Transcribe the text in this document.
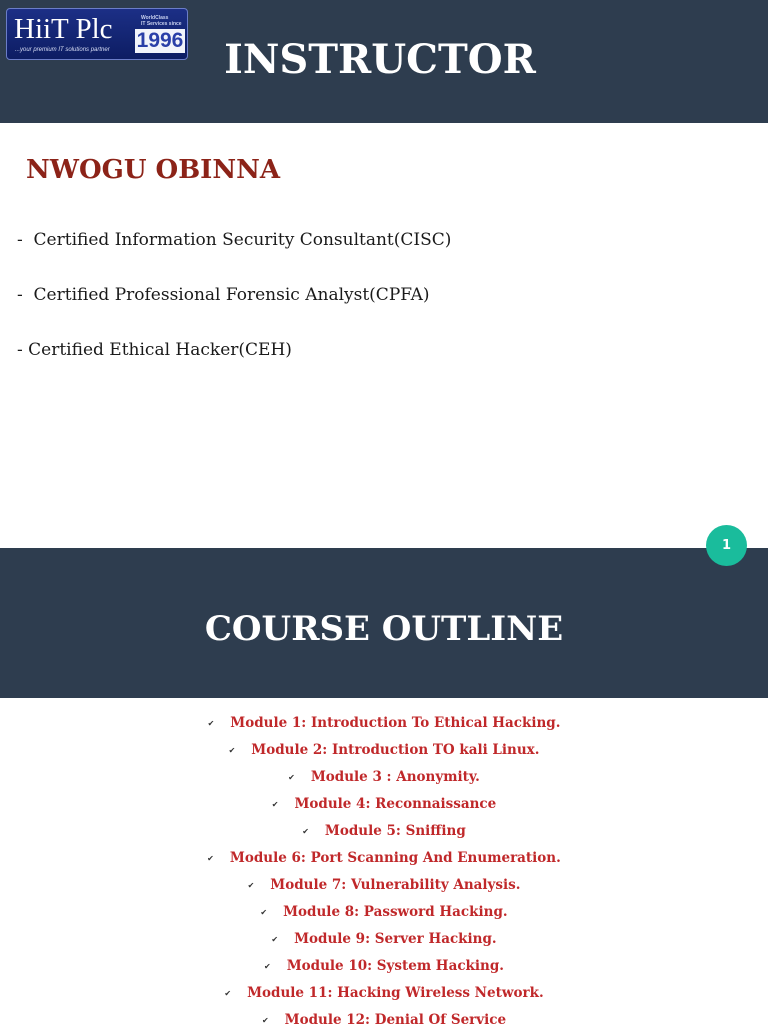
HiiT Plc
...your premium IT solutions partner
WorldClass
IT Services since
1996	INSTRUCTOR
NWOGU OBINNA
-  Certified Information Security Consultant(CISC)
-  Certified Professional Forensic Analyst(CPFA)
- Certified Ethical Hacker(CEH)
1
COURSE OUTLINE
✔ Module 1: Introduction To Ethical Hacking.
✔ Module 2: Introduction TO kali Linux.
✔ Module 3 : Anonymity.
✔ Module 4: Reconnaissance
✔ Module 5: Sniffing
✔ Module 6: Port Scanning And Enumeration.
✔ Module 7: Vulnerability Analysis.
✔ Module 8: Password Hacking.
✔ Module 9: Server Hacking.
✔ Module 10: System Hacking.
✔ Module 11: Hacking Wireless Network.
✔ Module 12: Denial Of Service
